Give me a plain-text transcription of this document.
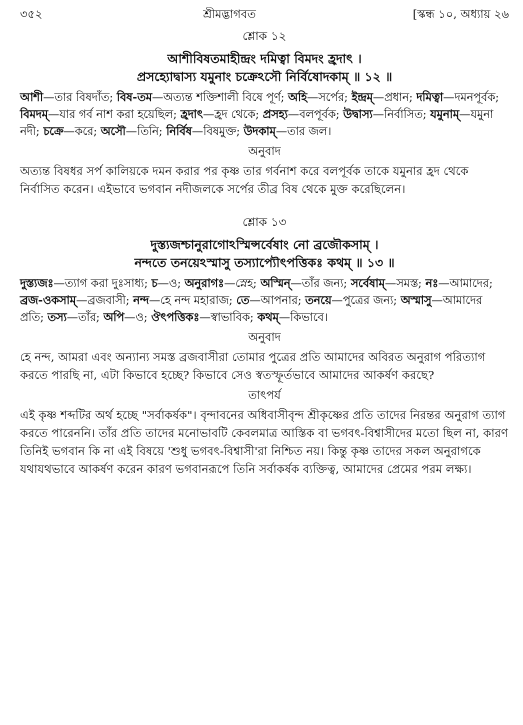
৩৫২	শ্রীমদ্ভাগবত	[স্কন্ধ ১০, অধ্যায় ২৬
শ্লোক ১২
আশীবিষতমাহীন্দ্রং দমিত্বা বিমদং হ্রদাৎ ।
প্রসহ্যোদ্বাস্য যমুনাং চক্রেঽসৌ নির্বিষোদকাম্‌ ॥ ১২ ॥
আশী—তার বিষদাঁত; বিষ-তম—অত্যন্ত শক্তিশালী বিষে পূর্ণ; অহি—সর্পের; ইন্দ্রম্‌—প্রধান; দমিত্বা—দমনপূর্বক; বিমদম্‌—যার গর্ব নাশ করা হয়েছিল; হ্রদাৎ—হ্রদ থেকে; প্রসহ্য—বলপূর্বক; উদ্বাস্য—নির্বাসিত; যমুনাম্‌—যমুনা নদী; চক্রে—করে; অসৌ—তিনি; নির্বিষ—বিষমুক্ত; উদকাম্‌—তার জল।
অনুবাদ
অত্যন্ত বিষধর সর্প কালিয়কে দমন করার পর কৃষ্ণ তার গর্বনাশ করে বলপূর্বক তাকে যমুনার হ্রদ থেকে নির্বাসিত করেন। এইভাবে ভগবান নদীজলকে সর্পের তীব্র বিষ থেকে মুক্ত করেছিলেন।
শ্লোক ১৩
দুস্ত্যজশ্চানুরাগোঽস্মিন্সর্বেষাং নো ব্রজৌকসাম্‌ ।
নন্দতে তনয়েঽস্মাসু তস্যাপ্যৌৎপত্তিকঃ কথম্‌ ॥ ১৩ ॥
দুস্ত্যজঃ—ত্যাগ করা দুঃসাধ্য; চ—ও; অনুরাগঃ—স্নেহ; অস্মিন্‌—তাঁর জন্য; সর্বেষাম্‌—সমস্ত; নঃ—আমাদের; ব্রজ-ওকসাম্‌—ব্রজবাসী; নন্দ—হে নন্দ মহারাজ; তে—আপনার; তনয়ে—পুত্রের জন্য; অস্মাসু—আমাদের প্রতি; তস্য—তাঁর; অপি—ও; ঔৎপত্তিকঃ—স্বাভাবিক; কথম্‌—কিভাবে।
অনুবাদ
হে নন্দ, আমরা এবং অন্যান্য সমস্ত ব্রজবাসীরা তোমার পুত্রের প্রতি আমাদের অবিরত অনুরাগ পরিত্যাগ করতে পারছি না, এটা কিভাবে হচ্ছে? কিভাবে সেও স্বতস্ফূর্তভাবে আমাদের আকর্ষণ করছে?
তাৎপর্য
এই কৃষ্ণ শব্দটির অর্থ হচ্ছে "সর্বাকর্ষক"। বৃন্দাবনের অধিবাসীবৃন্দ শ্রীকৃষ্ণের প্রতি তাদের নিরন্তর অনুরাগ ত্যাগ করতে পারেননি। তাঁর প্রতি তাদের মনোভাবটি কেবলমাত্র আস্তিক বা ভগবৎ-বিশ্বাসীদের মতো ছিল না, কারণ তিনিই ভগবান কি না এই বিষয়ে 'শুধু ভগবৎ-বিশ্বাসী'রা নিশ্চিত নয়। কিন্তু কৃষ্ণ তাদের সকল অনুরাগকে যথাযথভাবে আকর্ষণ করেন কারণ ভগবানরূপে তিনি সর্বাকর্ষক ব্যক্তিত্ব, আমাদের প্রেমের পরম লক্ষ্য।
